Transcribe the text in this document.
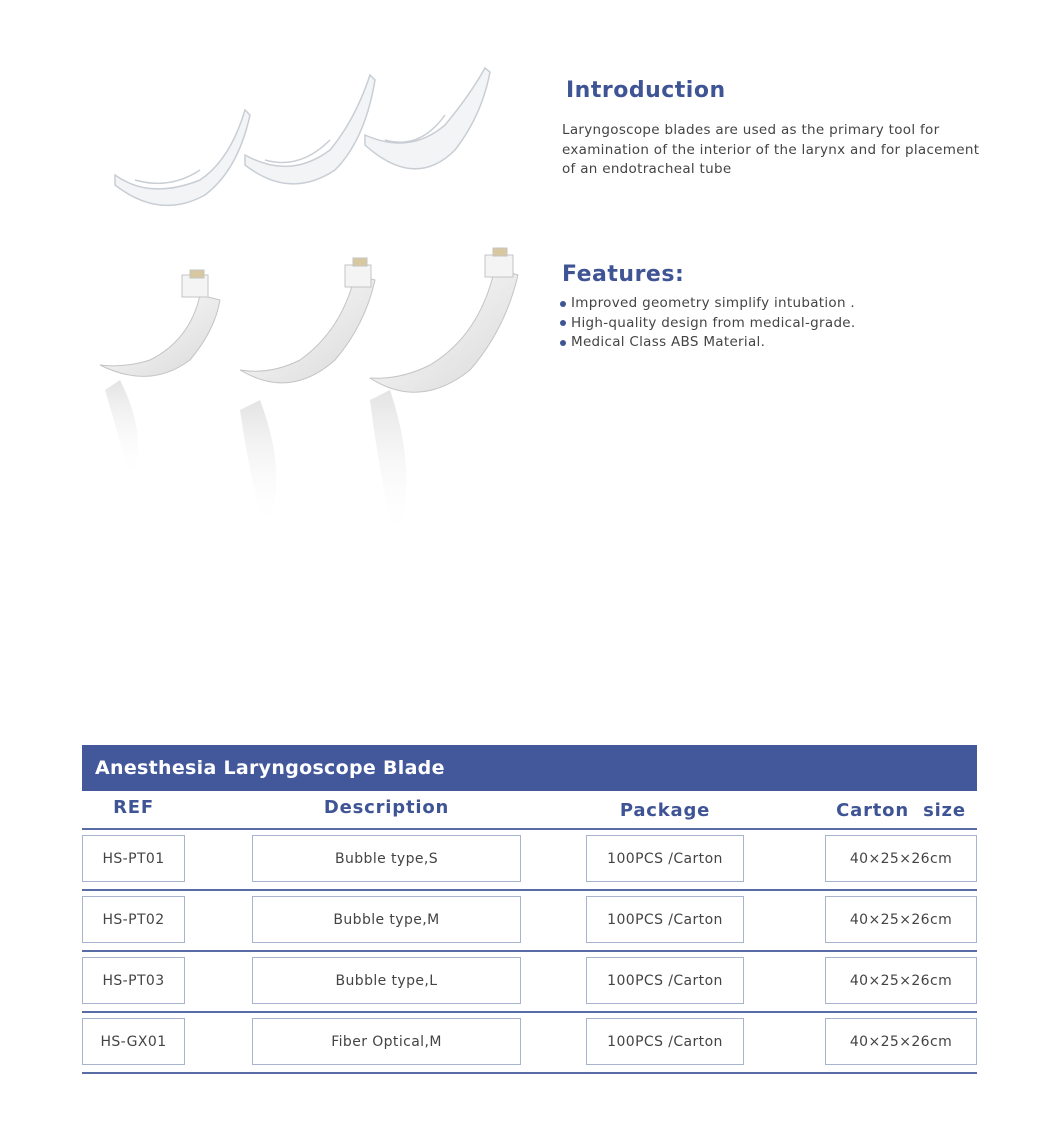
Introduction
Laryngoscope blades are used as the primary tool for examination of the interior of the larynx and for placement of an endotracheal tube
Features:
Improved geometry simplify intubation .
High-quality design from medical-grade.
Medical Class ABS Material.
Anesthesia Laryngoscope Blade
REF	Description	Package	Carton  size
HS-PT01	Bubble type,S	100PCS /Carton	40×25×26cm
HS-PT02	Bubble type,M	100PCS /Carton	40×25×26cm
HS-PT03	Bubble type,L	100PCS /Carton	40×25×26cm
HS-GX01	Fiber Optical,M	100PCS /Carton	40×25×26cm
